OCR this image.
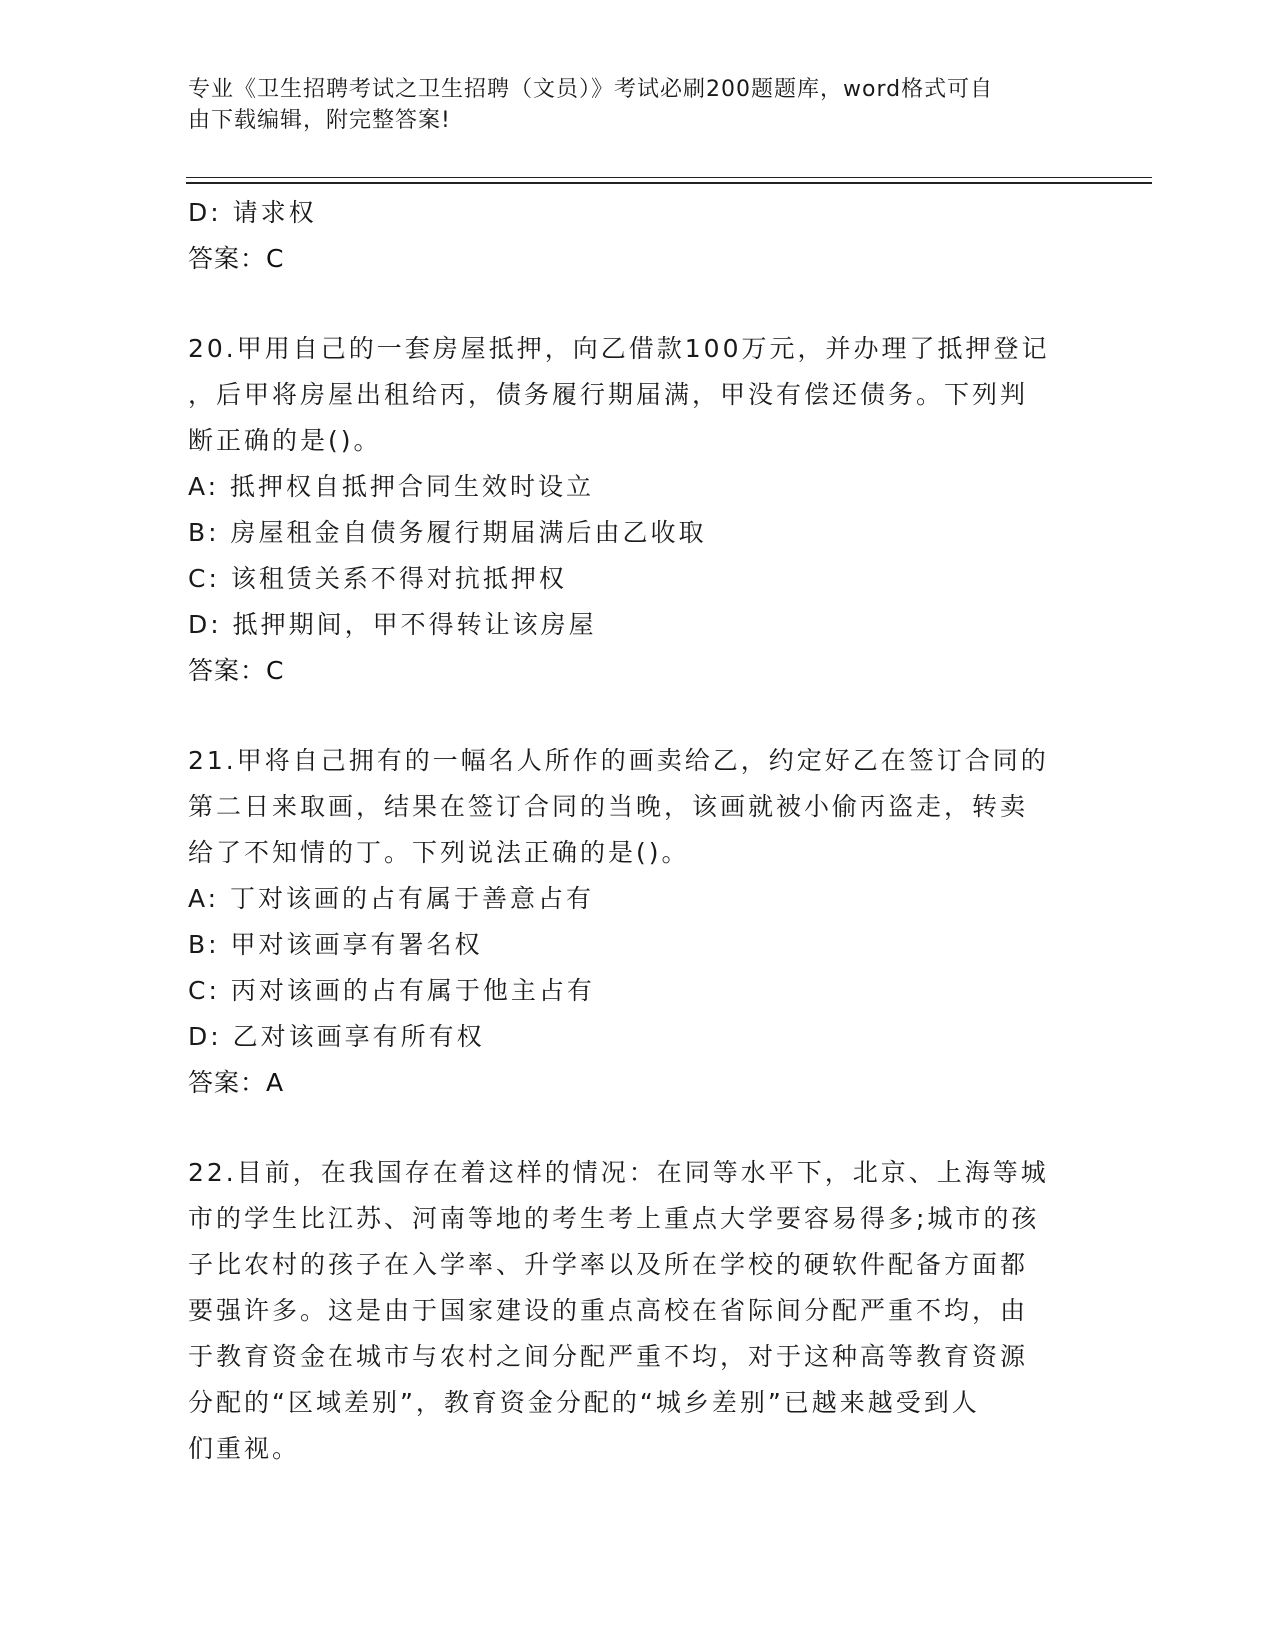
专业《卫生招聘考试之卫生招聘（文员）》考试必刷200题题库，word格式可自
由下载编辑，附完整答案!
D: 请求权
答案：C
20.甲用自己的一套房屋抵押，向乙借款100万元，并办理了抵押登记
，后甲将房屋出租给丙，债务履行期届满，甲没有偿还债务。下列判
断正确的是()。
A: 抵押权自抵押合同生效时设立
B: 房屋租金自债务履行期届满后由乙收取
C: 该租赁关系不得对抗抵押权
D: 抵押期间，甲不得转让该房屋
答案：C
21.甲将自己拥有的一幅名人所作的画卖给乙，约定好乙在签订合同的
第二日来取画，结果在签订合同的当晚，该画就被小偷丙盗走，转卖
给了不知情的丁。下列说法正确的是()。
A: 丁对该画的占有属于善意占有
B: 甲对该画享有署名权
C: 丙对该画的占有属于他主占有
D: 乙对该画享有所有权
答案：A
22.目前，在我国存在着这样的情况：在同等水平下，北京、上海等城
市的学生比江苏、河南等地的考生考上重点大学要容易得多;城市的孩
子比农村的孩子在入学率、升学率以及所在学校的硬软件配备方面都
要强许多。这是由于国家建设的重点高校在省际间分配严重不均，由
于教育资金在城市与农村之间分配严重不均，对于这种高等教育资源
分配的“区域差别”，教育资金分配的“城乡差别”已越来越受到人
们重视。
